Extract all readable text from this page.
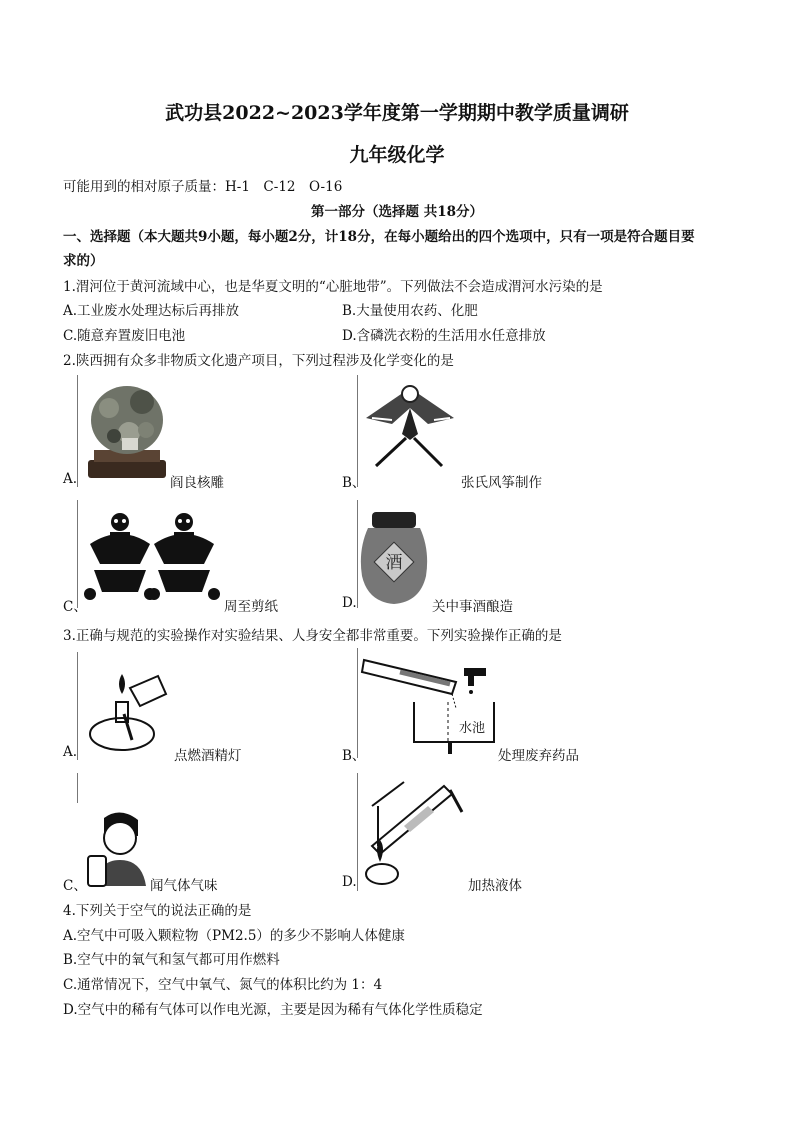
武功县2022~2023学年度第一学期期中教学质量调研
九年级化学
可能用到的相对原子质量：H-1　C-12　O-16
第一部分（选择题 共18分）
一、选择题（本大题共9小题，每小题2分，计18分，在每小题给出的四个选项中，只有一项是符合题目要
求的）
1.渭河位于黄河流域中心，也是华夏文明的“心脏地带”。下列做法不会造成渭河水污染的是
A.工业废水处理达标后再排放	B.大量使用农药、化肥
C.随意弃置废旧电池	D.含磷洗衣粉的生活用水任意排放
2.陕西拥有众多非物质文化遗产项目，下列过程涉及化学变化的是
A.	阎良核雕	B、	张氏风筝制作
C、	周至剪纸
酒
D.	关中事酒酿造
3.正确与规范的实验操作对实验结果、人身安全都非常重要。下列实验操作正确的是
A.	点燃酒精灯
水池
B、	处理废弃药品
C、	闻气体气味	D.	加热液体
4.下列关于空气的说法正确的是
A.空气中可吸入颗粒物（PM2.5）的多少不影响人体健康
B.空气中的氧气和氢气都可用作燃料
C.通常情况下，空气中氧气、氮气的体积比约为 1：4
D.空气中的稀有气体可以作电光源，主要是因为稀有气体化学性质稳定
